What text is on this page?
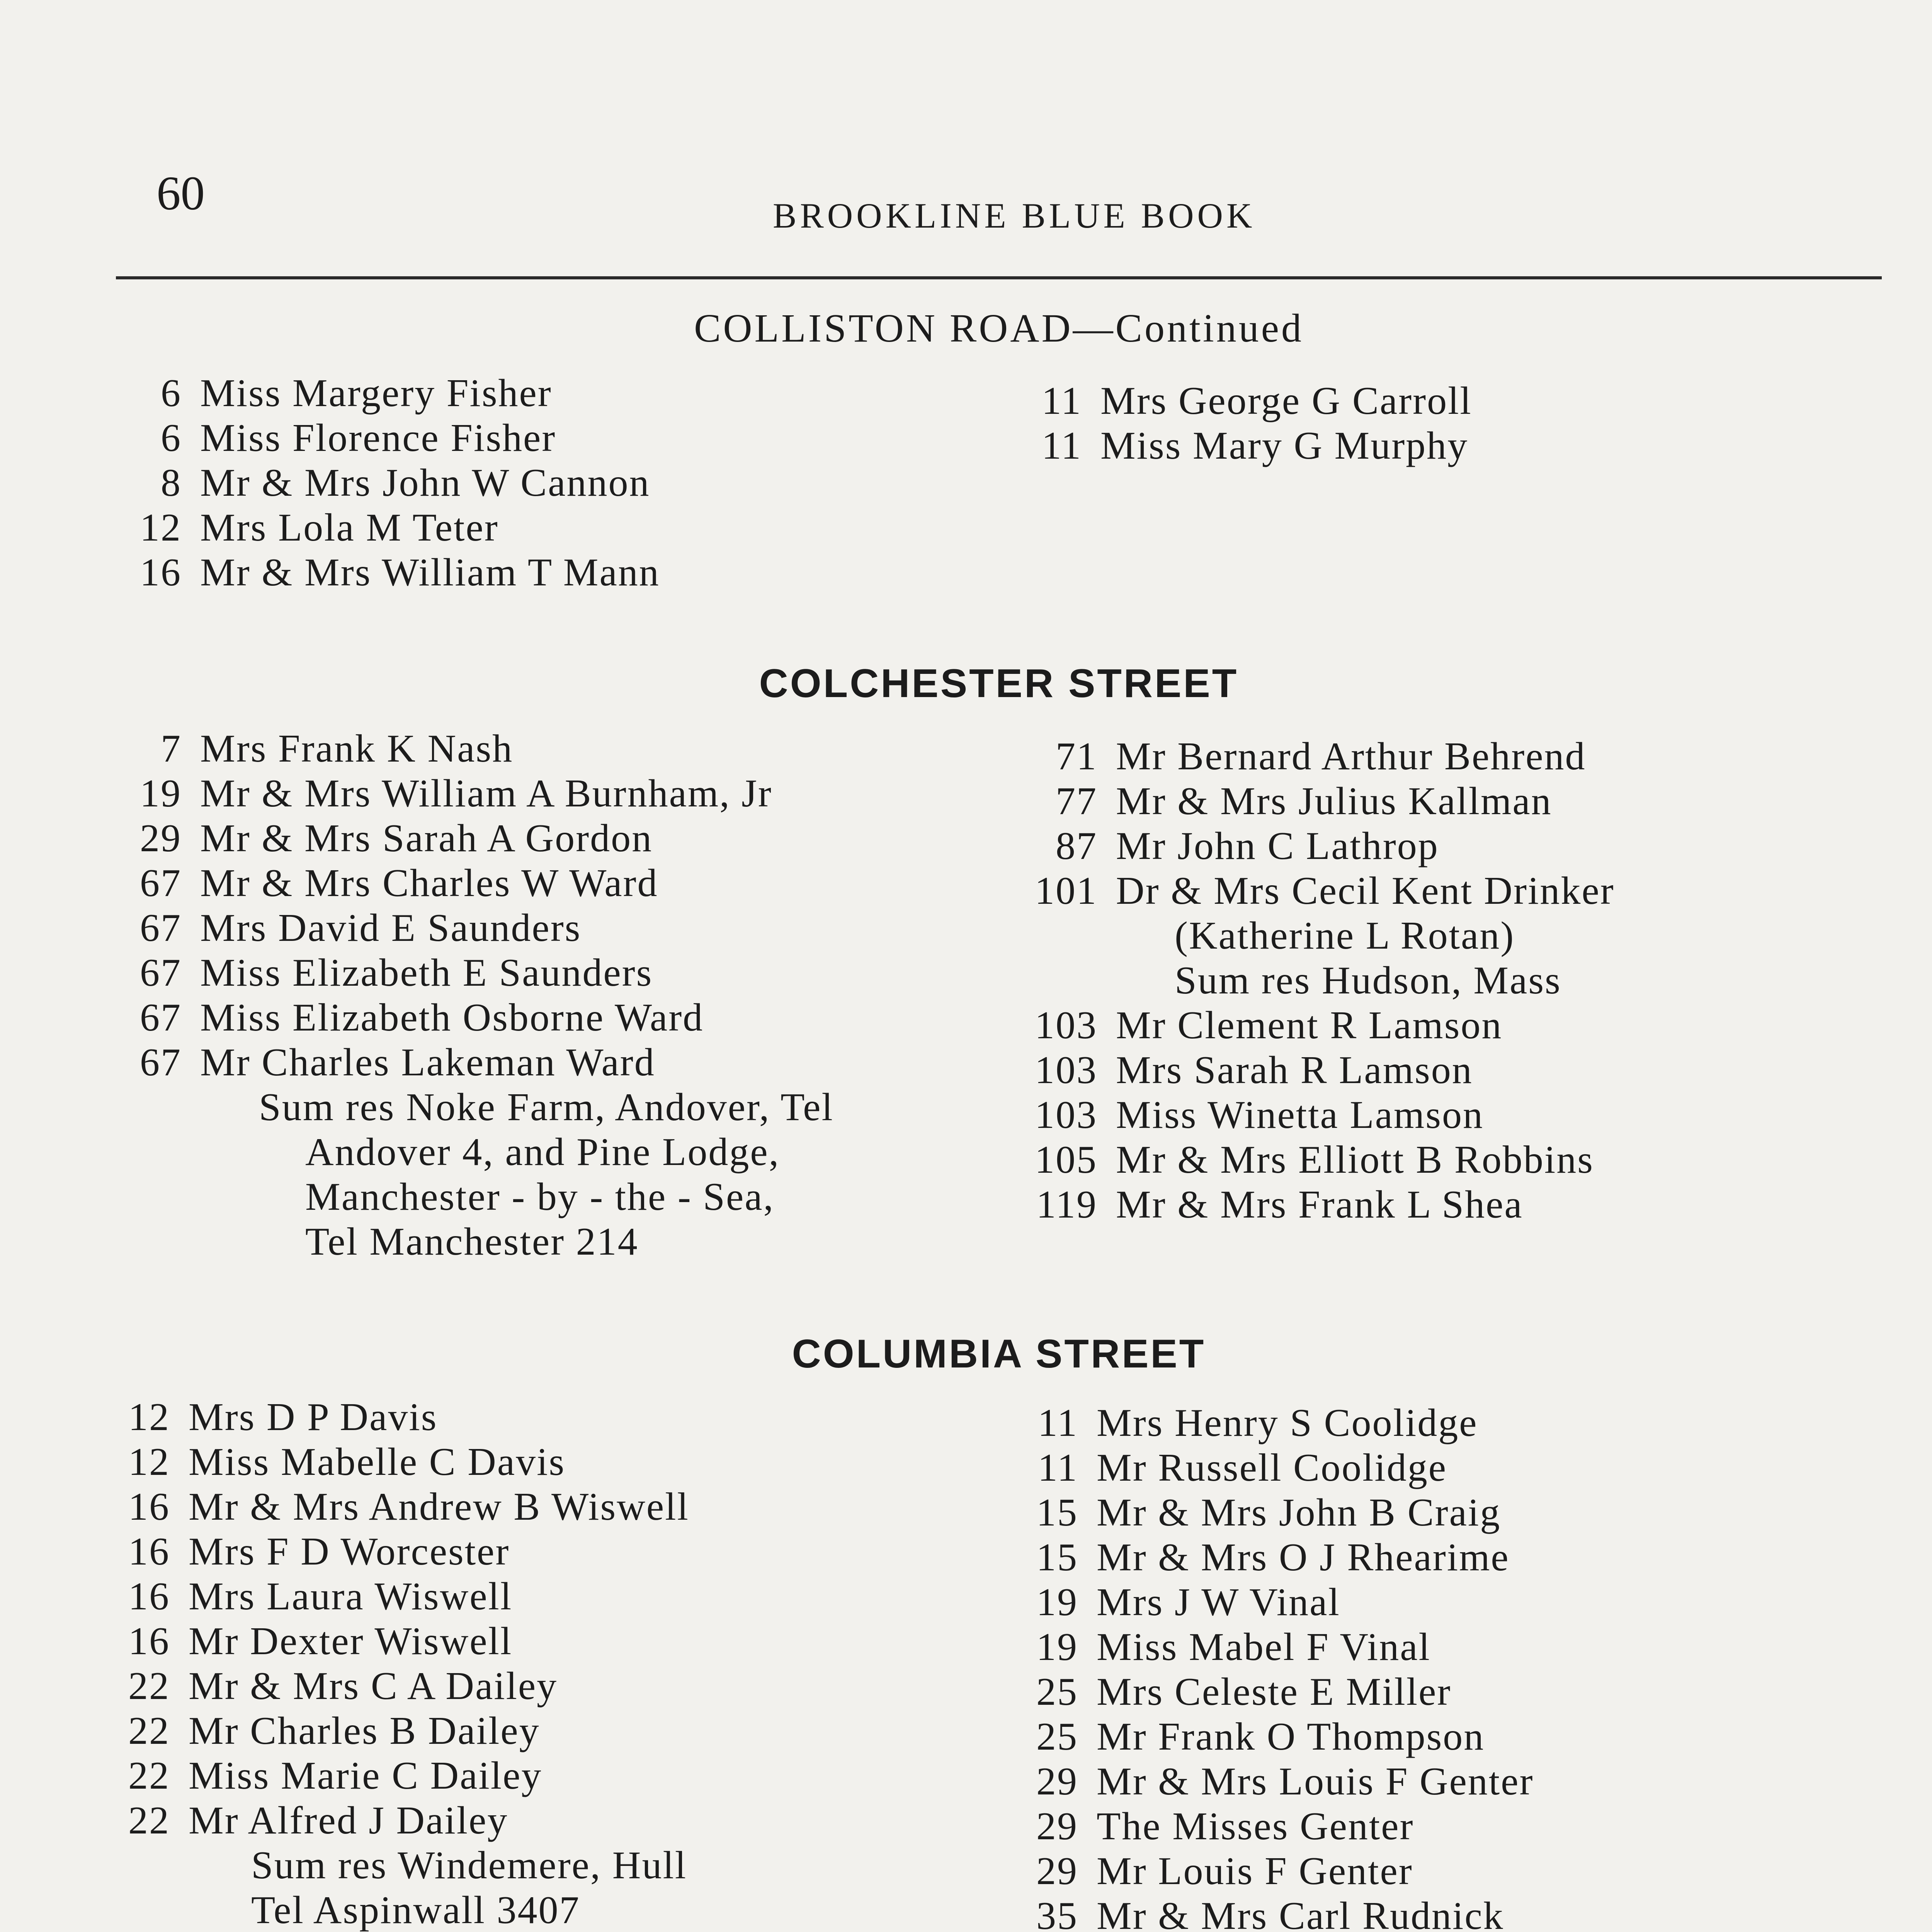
60	BROOKLINE BLUE BOOK
COLLISTON ROAD—Continued
6 Miss Margery Fisher
6 Miss Florence Fisher
8 Mr & Mrs John W Cannon
12 Mrs Lola M Teter
16 Mr & Mrs William T Mann
11 Mrs George G Carroll
11 Miss Mary G Murphy
COLCHESTER STREET
7 Mrs Frank K Nash
19 Mr & Mrs William A Burnham, Jr
29 Mr & Mrs Sarah A Gordon
67 Mr & Mrs Charles W Ward
67 Mrs David E Saunders
67 Miss Elizabeth E Saunders
67 Miss Elizabeth Osborne Ward
67 Mr Charles Lakeman Ward
Sum res Noke Farm, Andover, Tel
Andover 4, and Pine Lodge,
Manchester - by - the - Sea,
Tel Manchester 214
71 Mr Bernard Arthur Behrend
77 Mr & Mrs Julius Kallman
87 Mr John C Lathrop
101 Dr & Mrs Cecil Kent Drinker
(Katherine L Rotan)
Sum res Hudson, Mass
103 Mr Clement R Lamson
103 Mrs Sarah R Lamson
103 Miss Winetta Lamson
105 Mr & Mrs Elliott B Robbins
119 Mr & Mrs Frank L Shea
COLUMBIA STREET
12 Mrs D P Davis
12 Miss Mabelle C Davis
16 Mr & Mrs Andrew B Wiswell
16 Mrs F D Worcester
16 Mrs Laura Wiswell
16 Mr Dexter Wiswell
22 Mr & Mrs C A Dailey
22 Mr Charles B Dailey
22 Miss Marie C Dailey
22 Mr Alfred J Dailey
Sum res Windemere, Hull
Tel Aspinwall 3407
11 Mrs Henry S Coolidge
11 Mr Russell Coolidge
15 Mr & Mrs John B Craig
15 Mr & Mrs O J Rhearime
19 Mrs J W Vinal
19 Miss Mabel F Vinal
25 Mrs Celeste E Miller
25 Mr Frank O Thompson
29 Mr & Mrs Louis F Genter
29 The Misses Genter
29 Mr Louis F Genter
35 Mr & Mrs Carl Rudnick
